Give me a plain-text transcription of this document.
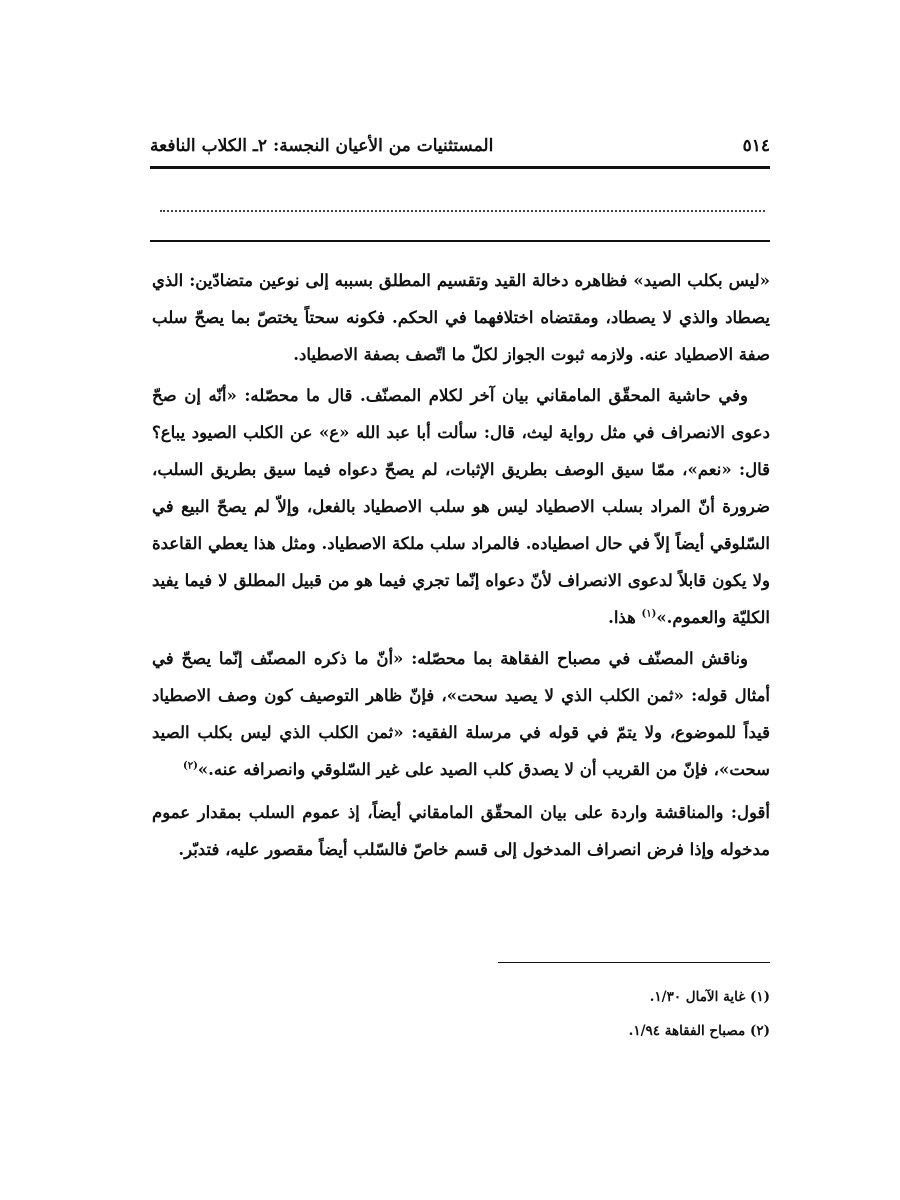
٥١٤
المستثنيات من الأعيان النجسة: ٢ـ الكلاب النافعة

«ليس بكلب الصيد» فظاهره دخالة القيد وتقسيم المطلق بسببه إلى نوعين متضادّين: الذي يصطاد والذي لا يصطاد، ومقتضاه اختلافهما في الحكم. فكونه سحتاً يختصّ بما يصحّ سلب صفة الاصطياد عنه. ولازمه ثبوت الجواز لكلّ ما اتّصف بصفة الاصطياد.

وفي حاشية المحقّق المامقاني بيان آخر لكلام المصنّف. قال ما محصّله: «أنّه إن صحّ دعوى الانصراف في مثل رواية ليث، قال: سألت أبا عبد الله «ع» عن الكلب الصيود يباع؟ قال: «نعم»، ممّا سيق الوصف بطريق الإثبات، لم يصحّ دعواه فيما سيق بطريق السلب، ضرورة أنّ المراد بسلب الاصطياد ليس هو سلب الاصطياد بالفعل، وإلاّ لم يصحّ البيع في السّلوقي أيضاً إلاّ في حال اصطياده. فالمراد سلب ملكة الاصطياد. ومثل هذا يعطي القاعدة ولا يكون قابلاً لدعوى الانصراف لأنّ دعواه إنّما تجري فيما هو من قبيل المطلق لا فيما يفيد الكليّة والعموم.»$^{(١)}$ هذا.

وناقش المصنّف في مصباح الفقاهة بما محصّله: «أنّ ما ذكره المصنّف إنّما يصحّ في أمثال قوله: «ثمن الكلب الذي لا يصيد سحت»، فإنّ ظاهر التوصيف كون وصف الاصطياد قيداً للموضوع، ولا يتمّ في قوله في مرسلة الفقيه: «ثمن الكلب الذي ليس بكلب الصيد سحت»، فإنّ من القريب أن لا يصدق كلب الصيد على غير السّلوقي وانصرافه عنه.»$^{(٢)}$

أقول: والمناقشة واردة على بيان المحقّق المامقاني أيضاً، إذ عموم السلب بمقدار عموم مدخوله وإذا فرض انصراف المدخول إلى قسم خاصّ فالسّلب أيضاً مقصور عليه، فتدبّر.

(١) غاية الآمال ١/٣٠.

(٢) مصباح الفقاهة ١/٩٤.
